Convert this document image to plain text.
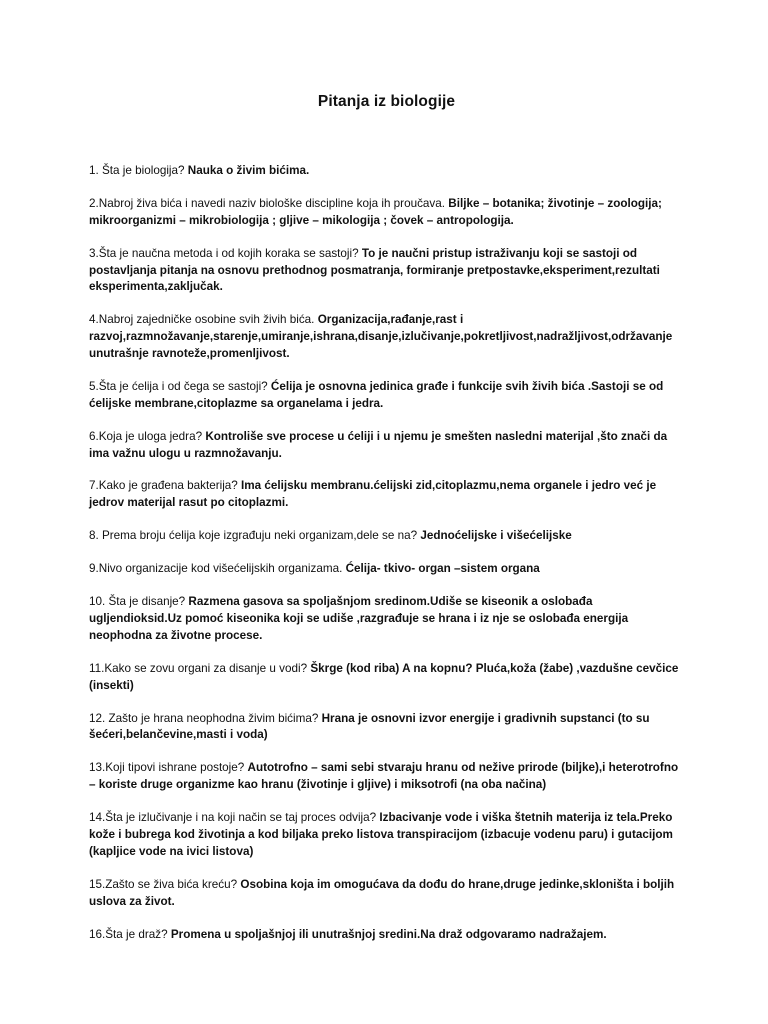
Pitanja iz biologije

1. Šta je biologija? Nauka o živim bićima.

2.Nabroj živa bića i navedi naziv biološke discipline koja ih proučava. Biljke – botanika; životinje – zoologija; mikroorganizmi – mikrobiologija ; gljive – mikologija ; čovek – antropologija.

3.Šta je naučna metoda i od kojih koraka se sastoji? To je naučni pristup istraživanju koji se sastoji od postavljanja pitanja na osnovu prethodnog posmatranja, formiranje pretpostavke,eksperiment,rezultati eksperimenta,zaključak.

4.Nabroj zajedničke osobine svih živih bića. Organizacija,rađanje,rast i razvoj,razmnožavanje,starenje,umiranje,ishrana,disanje,izlučivanje,pokretljivost,nadražljivost,održavanje unutrašnje ravnoteže,promenljivost.

5.Šta je ćelija i od čega se sastoji? Ćelija je osnovna jedinica građe i funkcije svih živih bića .Sastoji se od ćelijske membrane,citoplazme sa organelama i jedra.

6.Koja je uloga jedra? Kontroliše sve procese u ćeliji i u njemu je smešten nasledni materijal ,što znači da ima važnu ulogu u razmnožavanju.

7.Kako je građena bakterija? Ima ćelijsku membranu.ćelijski zid,citoplazmu,nema organele i jedro već je jedrov materijal rasut po citoplazmi.

8. Prema broju ćelija koje izgrađuju neki organizam,dele se na? Jednoćelijske i višećelijske

9.Nivo organizacije kod višećelijskih organizama. Ćelija- tkivo- organ –sistem organa

10. Šta je disanje? Razmena gasova sa spoljašnjom sredinom.Udiše se kiseonik a oslobađa ugljendioksid.Uz pomoć kiseonika koji se udiše ,razgrađuje se hrana i iz nje se oslobađa energija neophodna za životne procese.

11.Kako se zovu organi za disanje u vodi? Škrge (kod riba) A na kopnu? Pluća,koža (žabe) ,vazdušne cevčice (insekti)

12. Zašto je hrana neophodna živim bićima? Hrana je osnovni izvor energije i gradivnih supstanci (to su šećeri,belančevine,masti i voda)

13.Koji tipovi ishrane postoje? Autotrofno – sami sebi stvaraju hranu od nežive prirode (biljke),i heterotrofno – koriste druge organizme kao hranu (životinje i gljive) i miksotrofi (na oba načina)

14.Šta je izlučivanje i na koji način se taj proces odvija? Izbacivanje vode i viška štetnih materija iz tela.Preko kože i bubrega kod životinja a kod biljaka preko listova transpiracijom (izbacuje vodenu paru) i gutacijom (kapljice vode na ivici listova)

15.Zašto se živa bića kreću? Osobina koja im omogućava da dođu do hrane,druge jedinke,skloništa i boljih uslova za život.

16.Šta je draž? Promena u spoljašnjoj ili unutrašnjoj sredini.Na draž odgovaramo nadražajem.
